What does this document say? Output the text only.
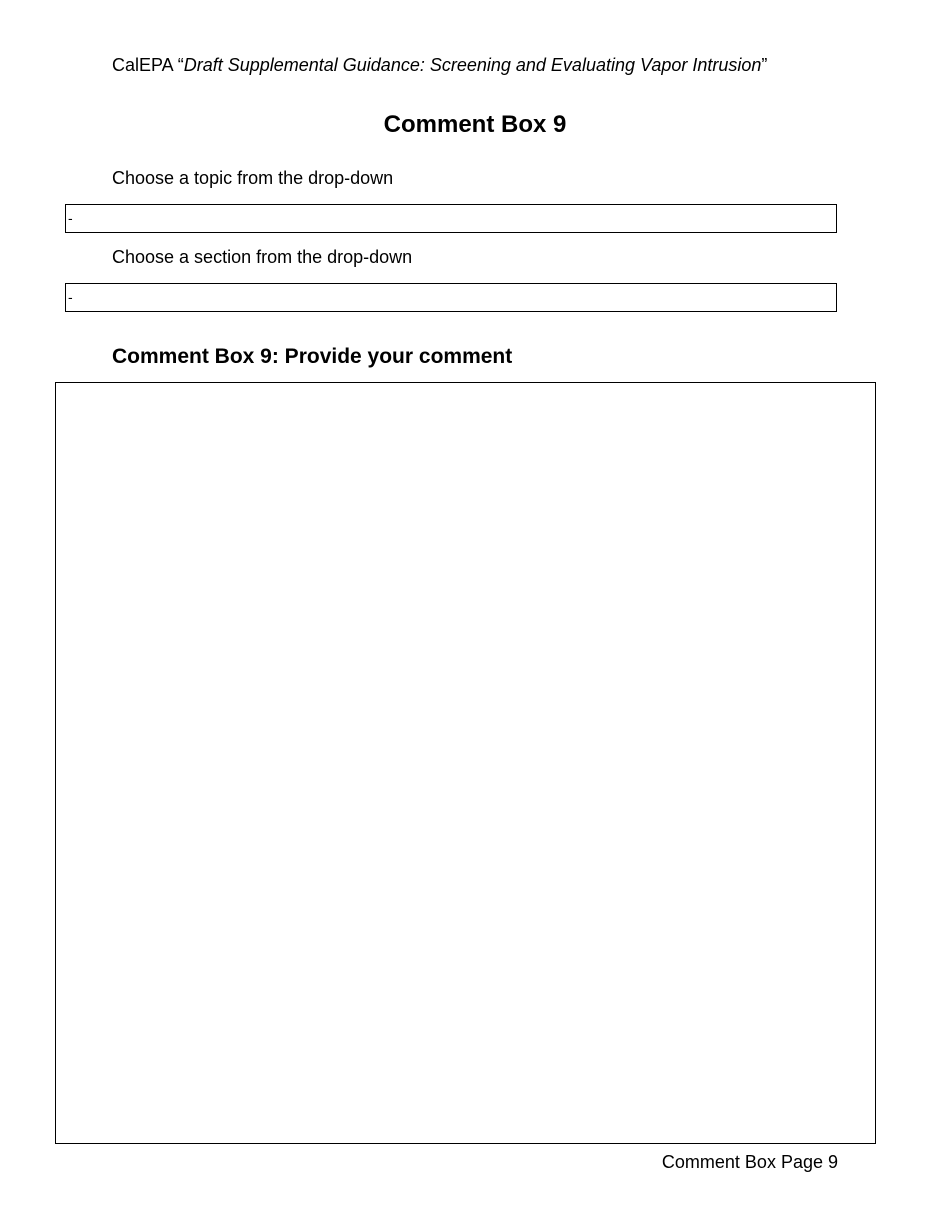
CalEPA “Draft Supplemental Guidance: Screening and Evaluating Vapor Intrusion”
Comment Box 9
Choose a topic from the drop-down
-
Choose a section from the drop-down
-
Comment Box 9: Provide your comment
Comment Box Page 9
